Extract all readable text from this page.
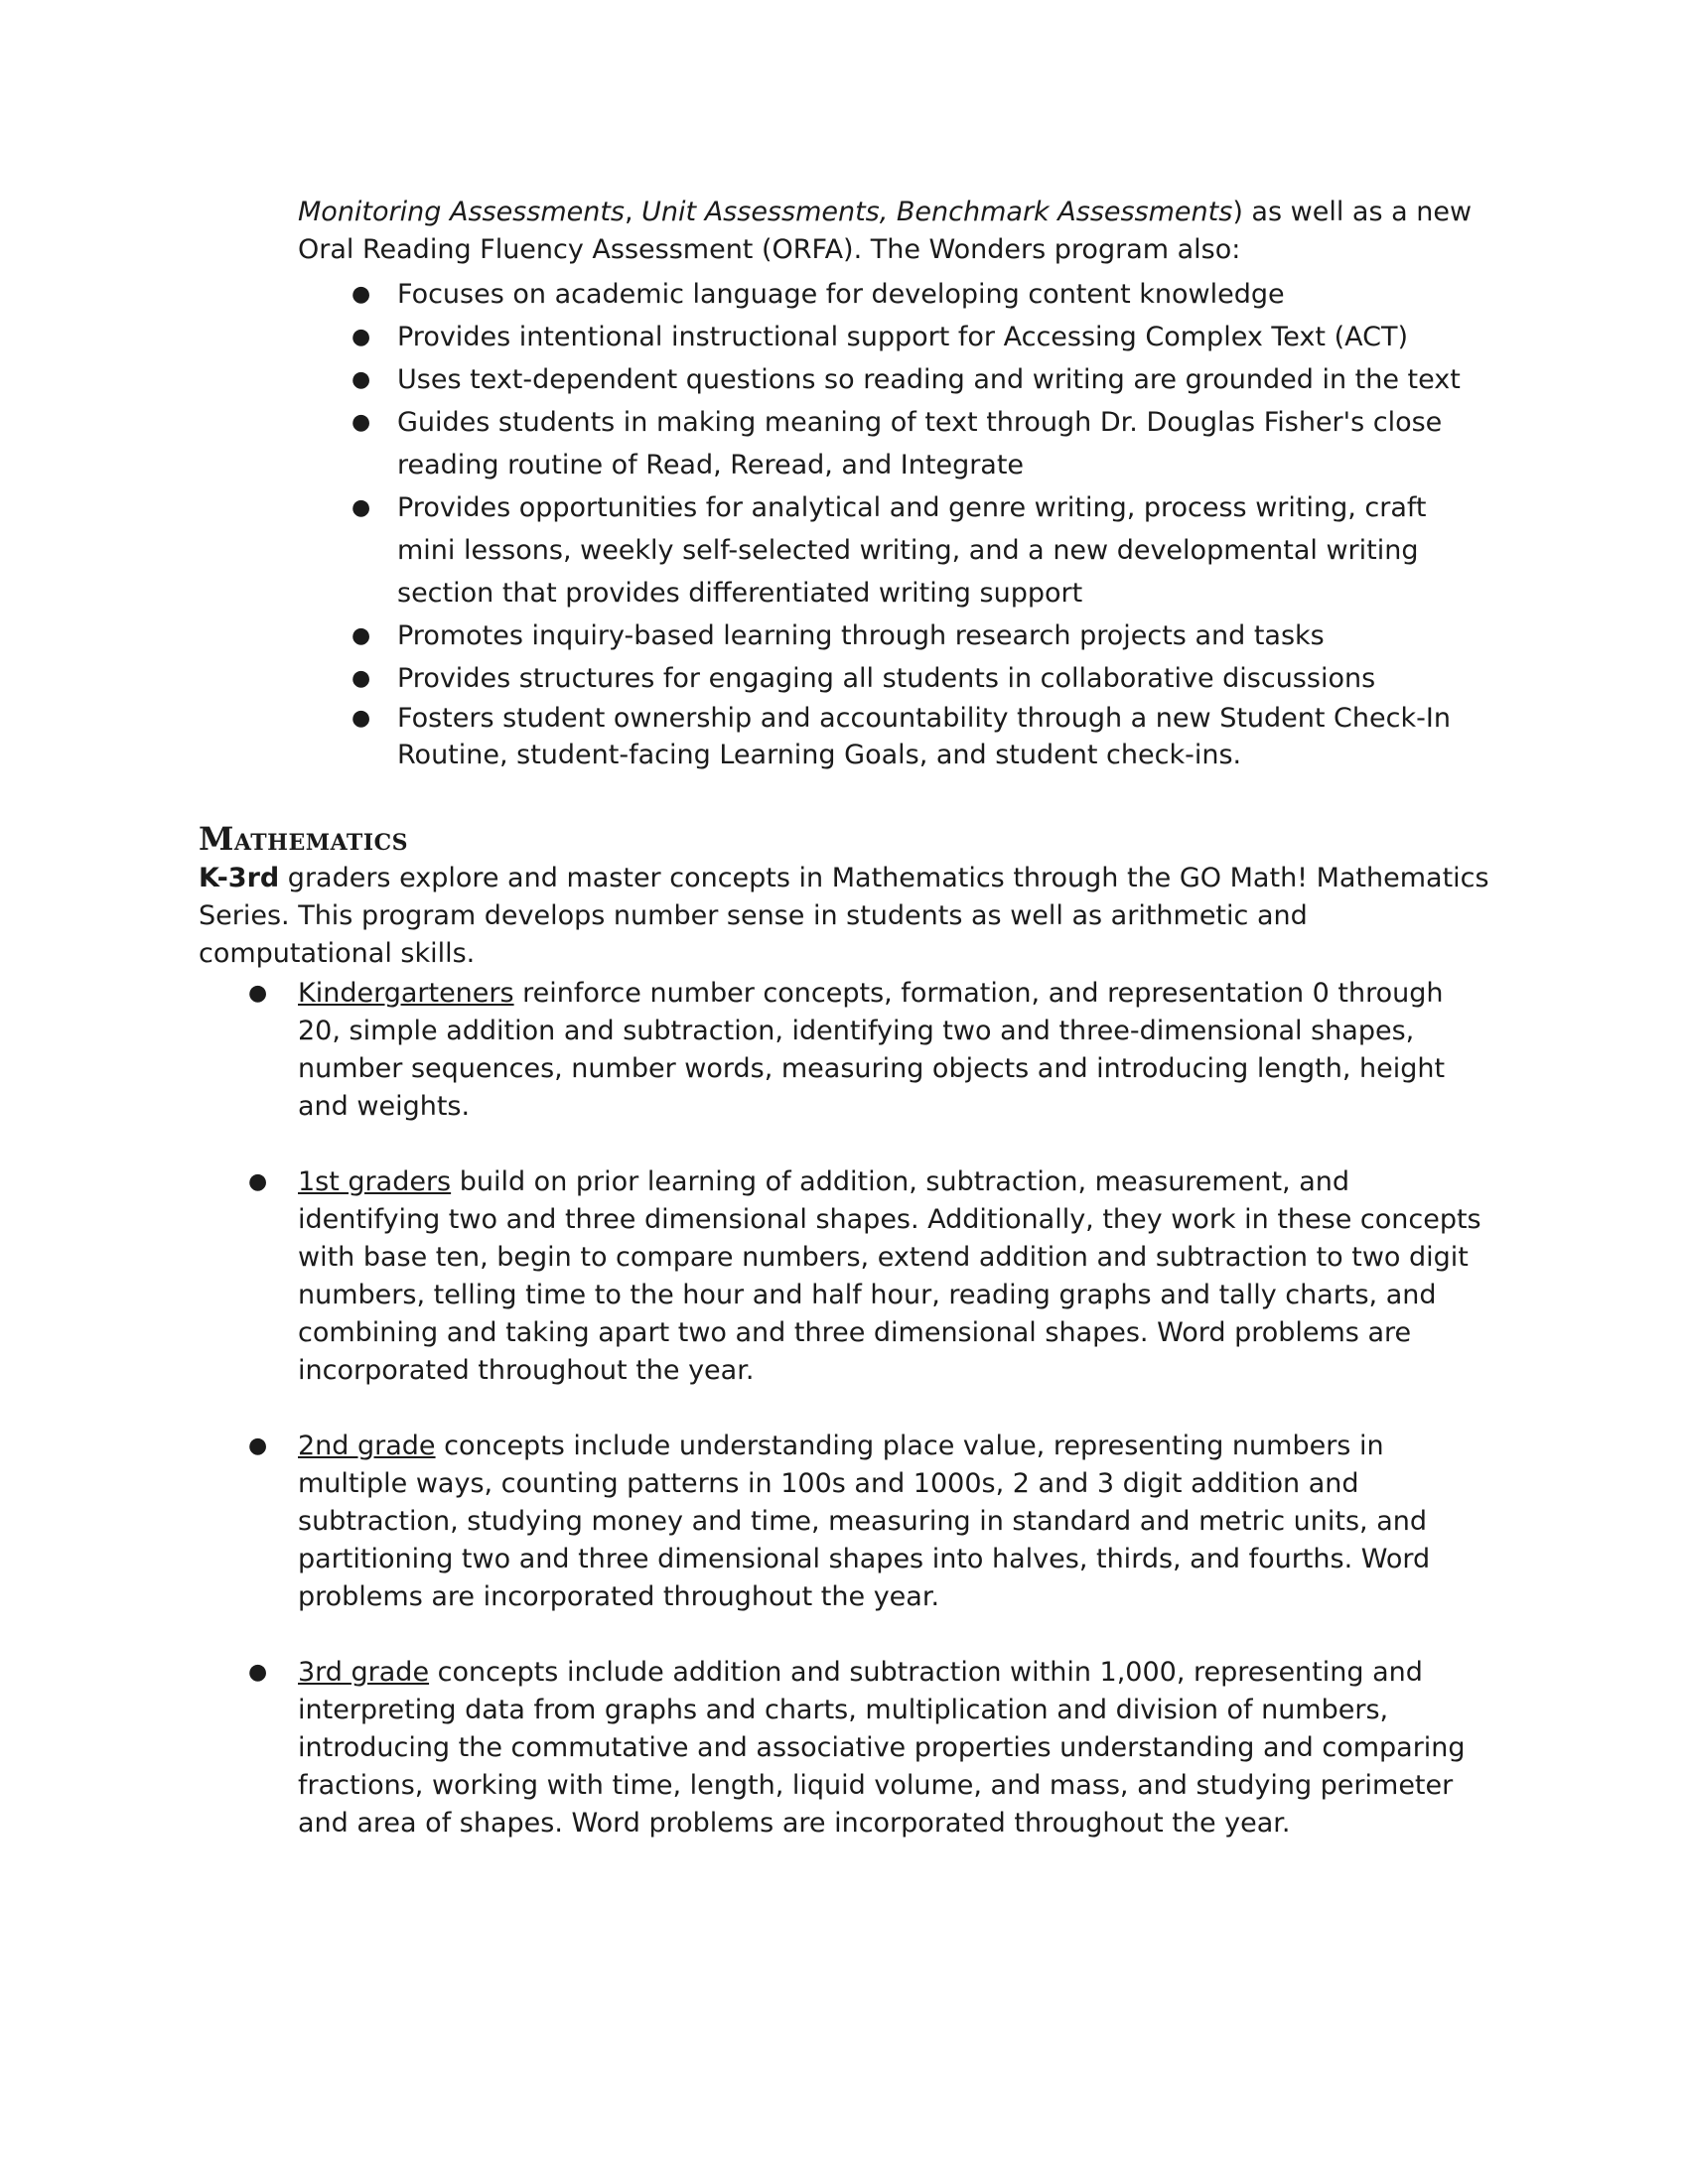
Monitoring Assessments, Unit Assessments, Benchmark Assessments) as well as a new Oral Reading Fluency Assessment (ORFA). The Wonders program also:

● Focuses on academic language for developing content knowledge
● Provides intentional instructional support for Accessing Complex Text (ACT)
● Uses text-dependent questions so reading and writing are grounded in the text
● Guides students in making meaning of text through Dr. Douglas Fisher's close reading routine of Read, Reread, and Integrate
● Provides opportunities for analytical and genre writing, process writing, craft mini lessons, weekly self-selected writing, and a new developmental writing section that provides differentiated writing support
● Promotes inquiry-based learning through research projects and tasks
● Provides structures for engaging all students in collaborative discussions
● Fosters student ownership and accountability through a new Student Check-In Routine, student-facing Learning Goals, and student check-ins.
Mathematics

K-3rd graders explore and master concepts in Mathematics through the GO Math! Mathematics Series. This program develops number sense in students as well as arithmetic and computational skills.

● Kindergarteners reinforce number concepts, formation, and representation 0 through 20, simple addition and subtraction, identifying two and three-dimensional shapes, number sequences, number words, measuring objects and introducing length, height and weights.
● 1st graders build on prior learning of addition, subtraction, measurement, and identifying two and three dimensional shapes. Additionally, they work in these concepts with base ten, begin to compare numbers, extend addition and subtraction to two digit numbers, telling time to the hour and half hour, reading graphs and tally charts, and combining and taking apart two and three dimensional shapes. Word problems are incorporated throughout the year.
● 2nd grade concepts include understanding place value, representing numbers in multiple ways, counting patterns in 100s and 1000s, 2 and 3 digit addition and subtraction, studying money and time, measuring in standard and metric units, and partitioning two and three dimensional shapes into halves, thirds, and fourths. Word problems are incorporated throughout the year.
● 3rd grade concepts include addition and subtraction within 1,000, representing and interpreting data from graphs and charts, multiplication and division of numbers, introducing the commutative and associative properties understanding and comparing fractions, working with time, length, liquid volume, and mass, and studying perimeter and area of shapes. Word problems are incorporated throughout the year.
